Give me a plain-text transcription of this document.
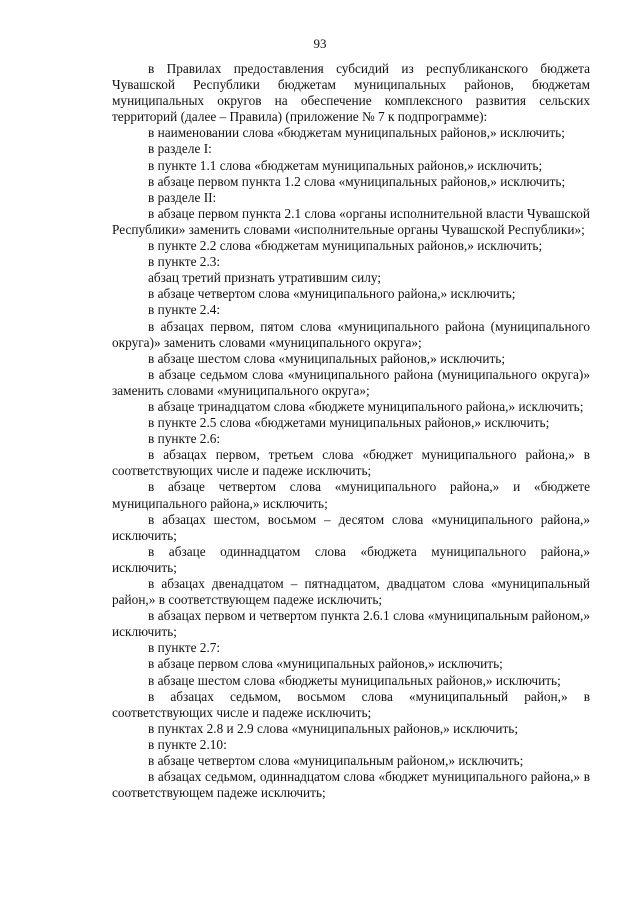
93

в Правилах предоставления субсидий из республиканского бюджета Чувашской Республики бюджетам муниципальных районов, бюджетам муниципальных округов на обеспечение комплексного развития сельских территорий (далее – Правила) (приложение № 7 к подпрограмме):

в наименовании слова «бюджетам муниципальных районов,» исключить;

в разделе I:

в пункте 1.1 слова «бюджетам муниципальных районов,» исключить;

в абзаце первом пункта 1.2 слова «муниципальных районов,» исключить;

в разделе II:

в абзаце первом пункта 2.1 слова «органы исполнительной власти Чувашской Республики» заменить словами «исполнительные органы Чувашской Республики»;

в пункте 2.2 слова «бюджетам муниципальных районов,» исключить;

в пункте 2.3:

абзац третий признать утратившим силу;

в абзаце четвертом слова «муниципального района,» исключить;

в пункте 2.4:

в абзацах первом, пятом слова «муниципального района (муниципального округа)» заменить словами «муниципального округа»;

в абзаце шестом слова «муниципальных районов,» исключить;

в абзаце седьмом слова «муниципального района (муниципального округа)» заменить словами «муниципального округа»;

в абзаце тринадцатом слова «бюджете муниципального района,» исключить;

в пункте 2.5 слова «бюджетами муниципальных районов,» исключить;

в пункте 2.6:

в абзацах первом, третьем слова «бюджет муниципального района,» в соответствующих числе и падеже исключить;

в абзаце четвертом слова «муниципального района,» и «бюджете муниципального района,» исключить;

в абзацах шестом, восьмом – десятом слова «муниципального района,» исключить;

в абзаце одиннадцатом слова «бюджета муниципального района,» исключить;

в абзацах двенадцатом – пятнадцатом, двадцатом слова «муниципальный район,» в соответствующем падеже исключить;

в абзацах первом и четвертом пункта 2.6.1 слова «муниципальным районом,» исключить;

в пункте 2.7:

в абзаце первом слова «муниципальных районов,» исключить;

в абзаце шестом слова «бюджеты муниципальных районов,» исключить;

в абзацах седьмом, восьмом слова «муниципальный район,» в соответствующих числе и падеже исключить;

в пунктах 2.8 и 2.9 слова «муниципальных районов,» исключить;

в пункте 2.10:

в абзаце четвертом слова «муниципальным районом,» исключить;

в абзацах седьмом, одиннадцатом слова «бюджет муниципального района,» в соответствующем падеже исключить;
